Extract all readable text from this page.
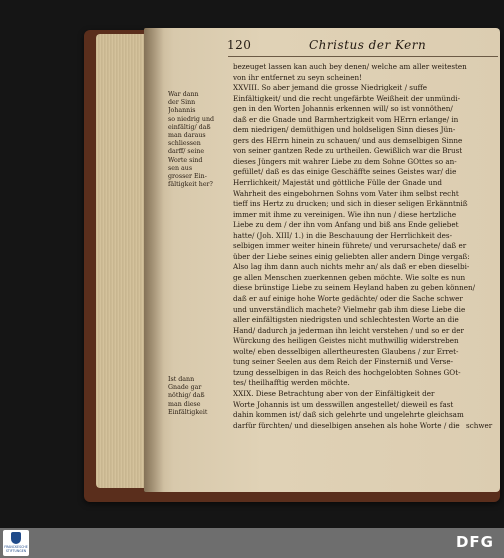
120	Christus der Kern
War dann
der Sinn
Johannis
so niedrig und
einfältig/ daß
man daraus
schliessen
darff/ seine
Worte sind
sen aus
grosser Ein-
fältigkeit her?
Ist dann
Gnade gar
nöthig/ daß
man diese
Einfältigkeit
bezeuget lassen kan auch bey denen/ welche am aller weitesten
von ihr entfernet zu seyn scheinen!
XXVIII. So aber jemand die grosse Niedrigkeit / suffe
Einfältigkeit/ und die recht ungefärbte Weißheit der unmündi-
gen in den Worten Johannis erkennen will/ so ist vonnöthen/
daß er die Gnade und Barmhertzigkeit vom HErrn erlange/ in
dem niedrigen/ demüthigen und holdseligen Sinn dieses Jün-
gers des HErrn hinein zu schauen/ und aus demselbigen Sinne
von seiner gantzen Rede zu urtheilen. Gewißlich war die Brust
dieses Jüngers mit wahrer Liebe zu dem Sohne GOttes so an-
gefüllet/ daß es das einige Geschäffte seines Geistes war/ die
Herrlichkeit/ Majestät und göttliche Fülle der Gnade und
Wahrheit des eingebohrnen Sohns vom Vater ihm selbst recht
tieff ins Hertz zu drucken; und sich in dieser seligen Erkänntniß
immer mit ihme zu vereinigen. Wie ihn nun / diese hertzliche
Liebe zu dem / der ihn vom Anfang und biß ans Ende geliebet
hatte/ (Joh. XIII/ 1.) in die Beschauung der Herrlichkeit des-
selbigen immer weiter hinein führete/ und verursachete/ daß er
über der Liebe seines einig geliebten aller andern Dinge vergaß:
Also lag ihm dann auch nichts mehr an/ als daß er eben dieselbi-
ge allen Menschen zuerkennen geben möchte. Wie solte es nun
diese brünstige Liebe zu seinem Heyland haben zu geben können/
daß er auf einige hohe Worte gedächte/ oder die Sache schwer
und unverständlich machete? Vielmehr gab ihm diese Liebe die
aller einfältigsten niedrigsten und schlechtesten Worte an die
Hand/ dadurch ja jederman ihn leicht verstehen / und so er der
Würckung des heiligen Geistes nicht muthwillig widerstreben
wolte/ eben desselbigen allertheuresten Glaubens / zur Erret-
tung seiner Seelen aus dem Reich der Finsterniß und Verse-
tzung desselbigen in das Reich des hochgelobten Sohnes GOt-
tes/ theilhafftig werden möchte.
XXIX. Diese Betrachtung aber von der Einfältigkeit der
Worte Johannis ist um desswillen angestellet/ dieweil es fast
dahin kommen ist/ daß sich gelehrte und ungelehrte gleichsam
darfür fürchten/ und dieselbigen ansehen als hohe Worte / die schwer
FRANCKESCHE
STIFTUNGEN	DFG
